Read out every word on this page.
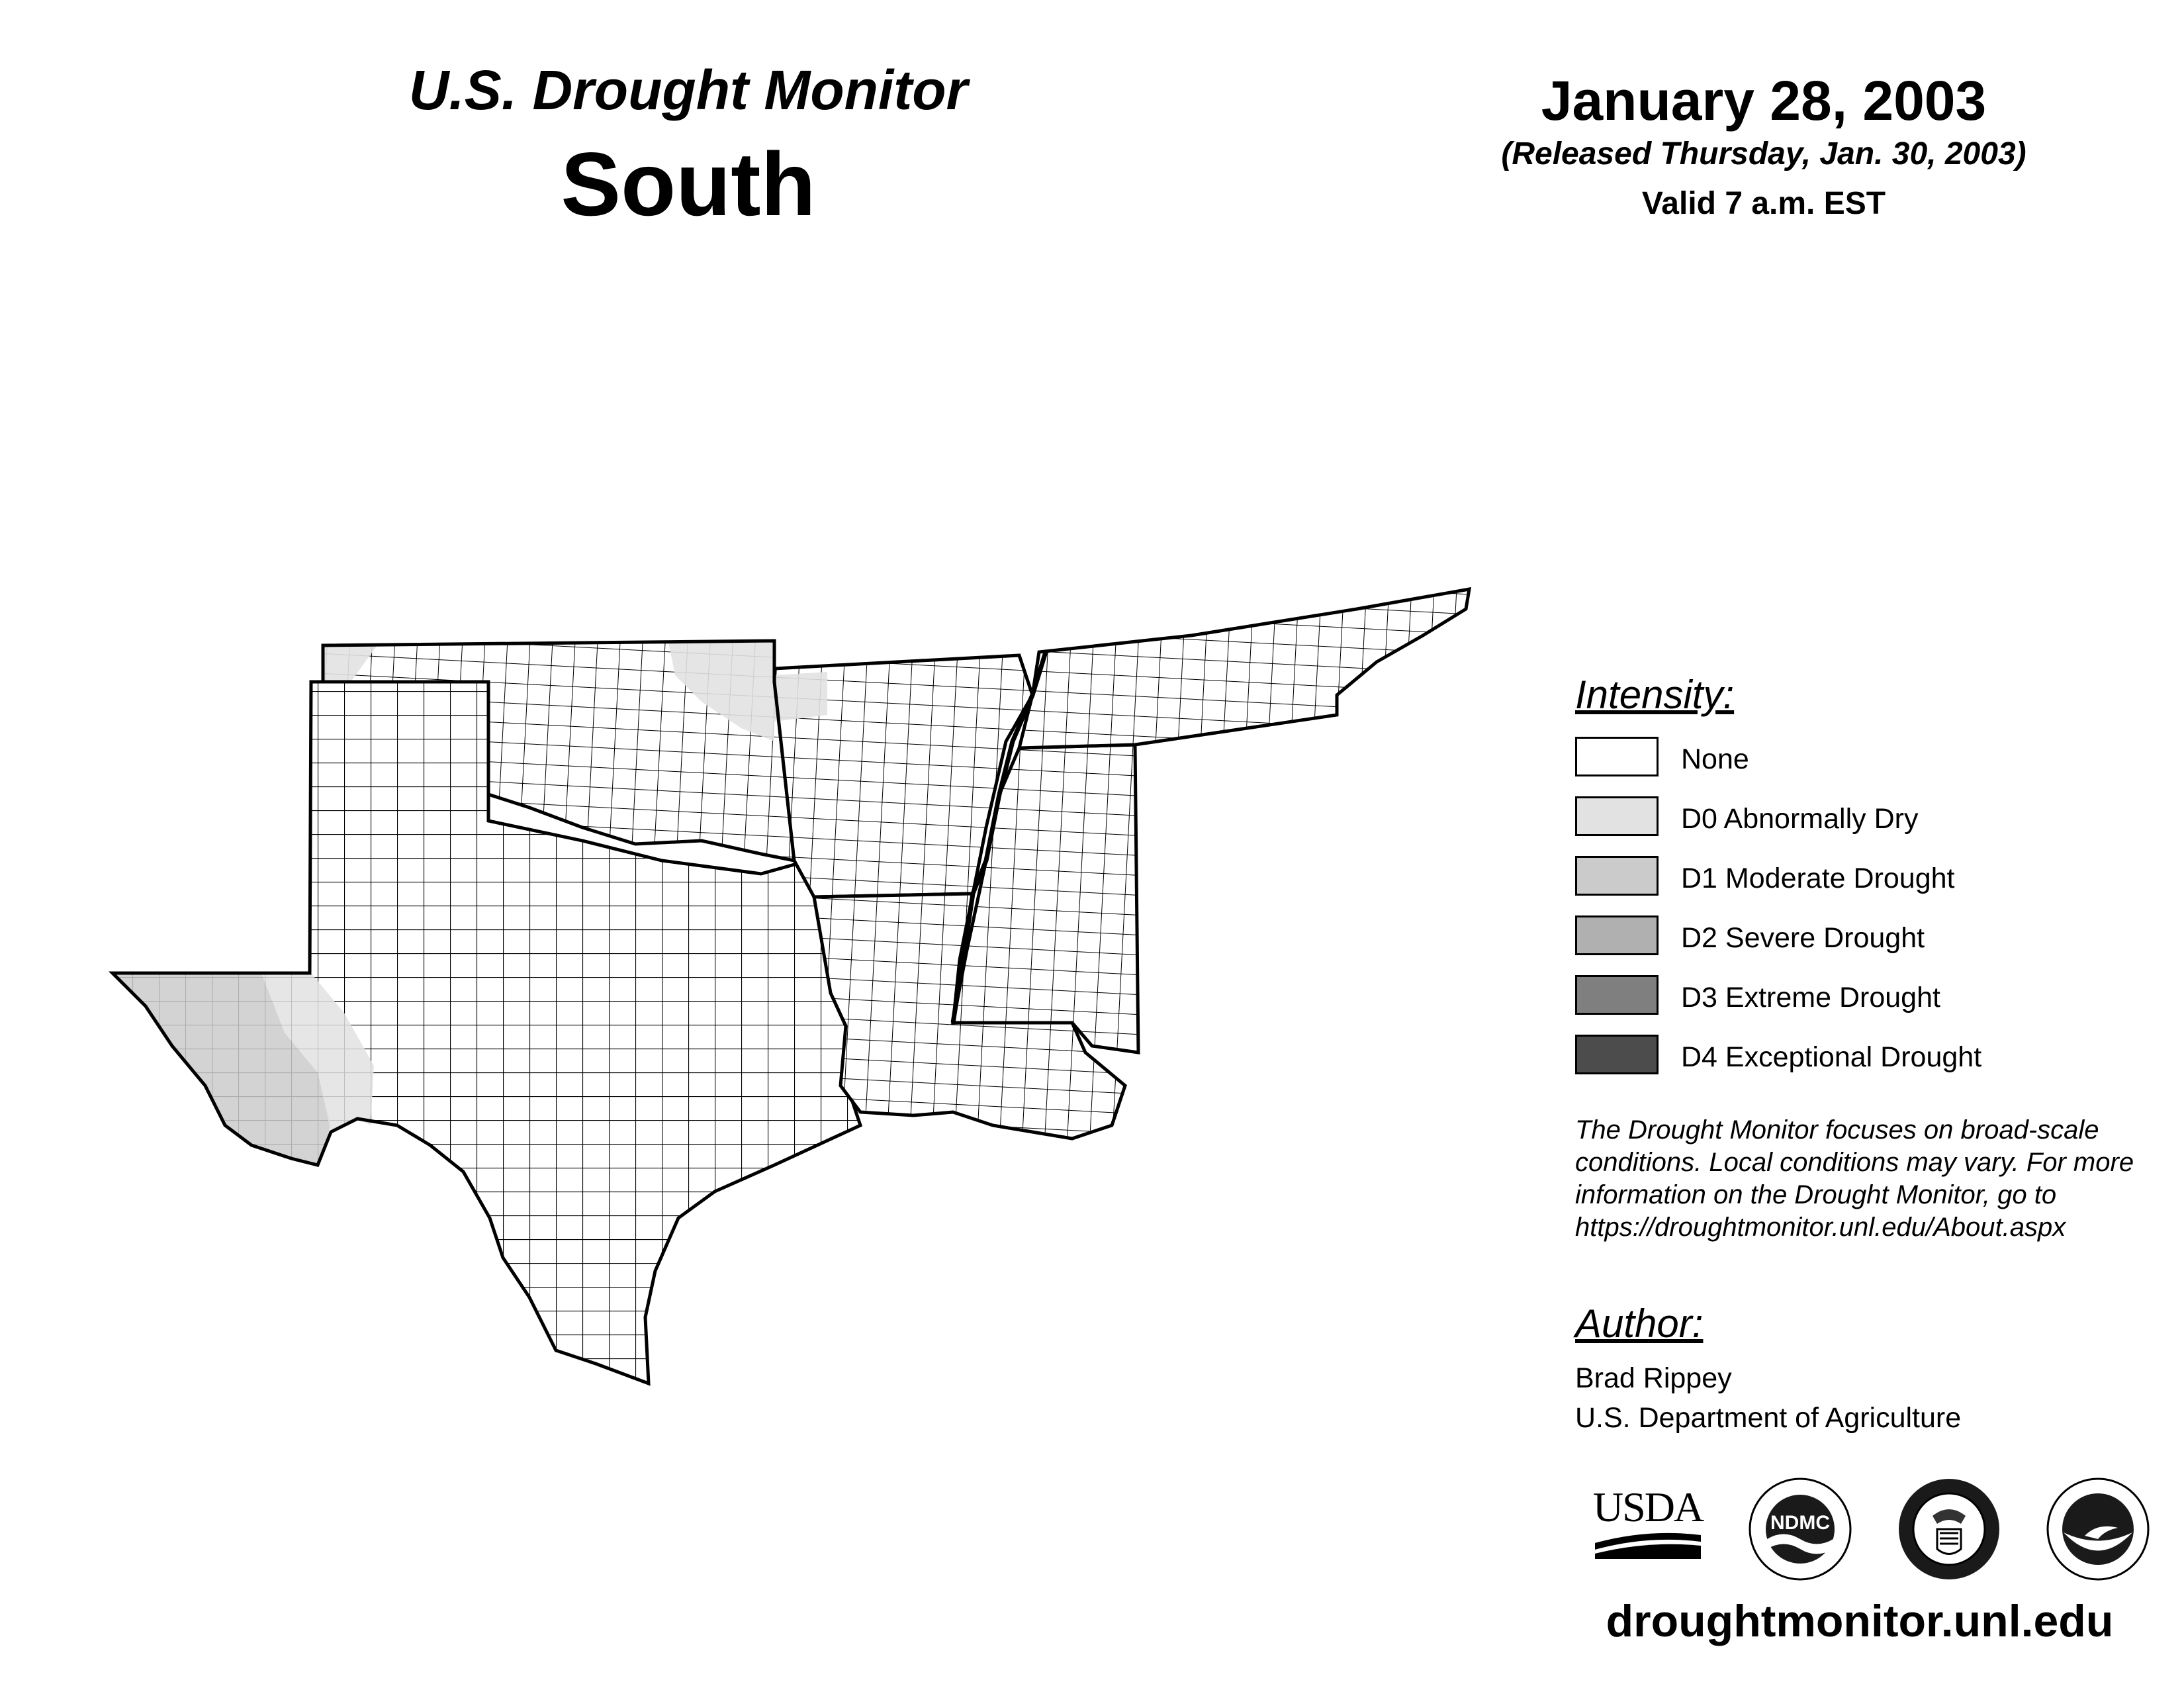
U.S. Drought Monitor
South
January 28, 2003
(Released Thursday, Jan. 30, 2003)
Valid 7 a.m. EST
Intensity:
None
D0 Abnormally Dry
D1 Moderate Drought
D2 Severe Drought
D3 Extreme Drought
D4 Exceptional Drought
The Drought Monitor focuses on broad-scale conditions. Local conditions may vary. For more information on the Drought Monitor, go to https://droughtmonitor.unl.edu/About.aspx
Author:
Brad Rippey
U.S. Department of Agriculture
USDA	NDMC
droughtmonitor.unl.edu
